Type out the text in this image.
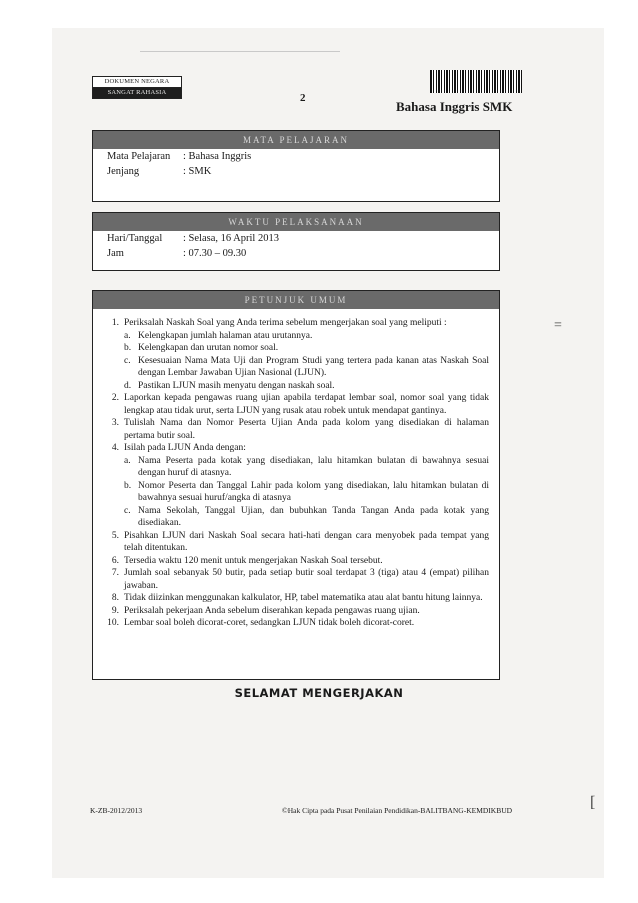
DOKUMEN NEGARA
SANGAT RAHASIA	2
Bahasa Inggris SMK
MATA PELAJARAN
Mata Pelajaran	: Bahasa Inggris
Jenjang	: SMK
WAKTU PELAKSANAAN
Hari/Tanggal	: Selasa, 16 April 2013
Jam	: 07.30 – 09.30
PETUNJUK UMUM
1. Periksalah Naskah Soal yang Anda terima sebelum mengerjakan soal yang meliputi :
a. Kelengkapan jumlah halaman atau urutannya.
b. Kelengkapan dan urutan nomor soal.
c. Kesesuaian Nama Mata Uji dan Program Studi yang tertera pada kanan atas Naskah Soal dengan Lembar Jawaban Ujian Nasional (LJUN).
d. Pastikan LJUN masih menyatu dengan naskah soal.
2. Laporkan kepada pengawas ruang ujian apabila terdapat lembar soal, nomor soal yang tidak lengkap atau tidak urut, serta LJUN yang rusak atau robek untuk mendapat gantinya.
3. Tulislah Nama dan Nomor Peserta Ujian Anda pada kolom yang disediakan di halaman pertama butir soal.
4. Isilah pada LJUN Anda dengan:
a. Nama Peserta pada kotak yang disediakan, lalu hitamkan bulatan di bawahnya sesuai dengan huruf di atasnya.
b. Nomor Peserta dan Tanggal Lahir pada kolom yang disediakan, lalu hitamkan bulatan di bawahnya sesuai huruf/angka di atasnya
c. Nama Sekolah, Tanggal Ujian, dan bubuhkan Tanda Tangan Anda pada kotak yang disediakan.
5. Pisahkan LJUN dari Naskah Soal secara hati-hati dengan cara menyobek pada tempat yang telah ditentukan.
6. Tersedia waktu 120 menit untuk mengerjakan Naskah Soal tersebut.
7. Jumlah soal sebanyak 50 butir, pada setiap butir soal terdapat 3 (tiga) atau 4 (empat) pilihan jawaban.
8. Tidak diizinkan menggunakan kalkulator, HP, tabel matematika atau alat bantu hitung lainnya.
9. Periksalah pekerjaan Anda sebelum diserahkan kepada pengawas ruang ujian.
10. Lembar soal boleh dicorat-coret, sedangkan LJUN tidak boleh dicorat-coret.
SELAMAT MENGERJAKAN
K-ZB-2012/2013	©Hak Cipta pada Pusat Penilaian Pendidikan-BALITBANG-KEMDIKBUD
=
[
